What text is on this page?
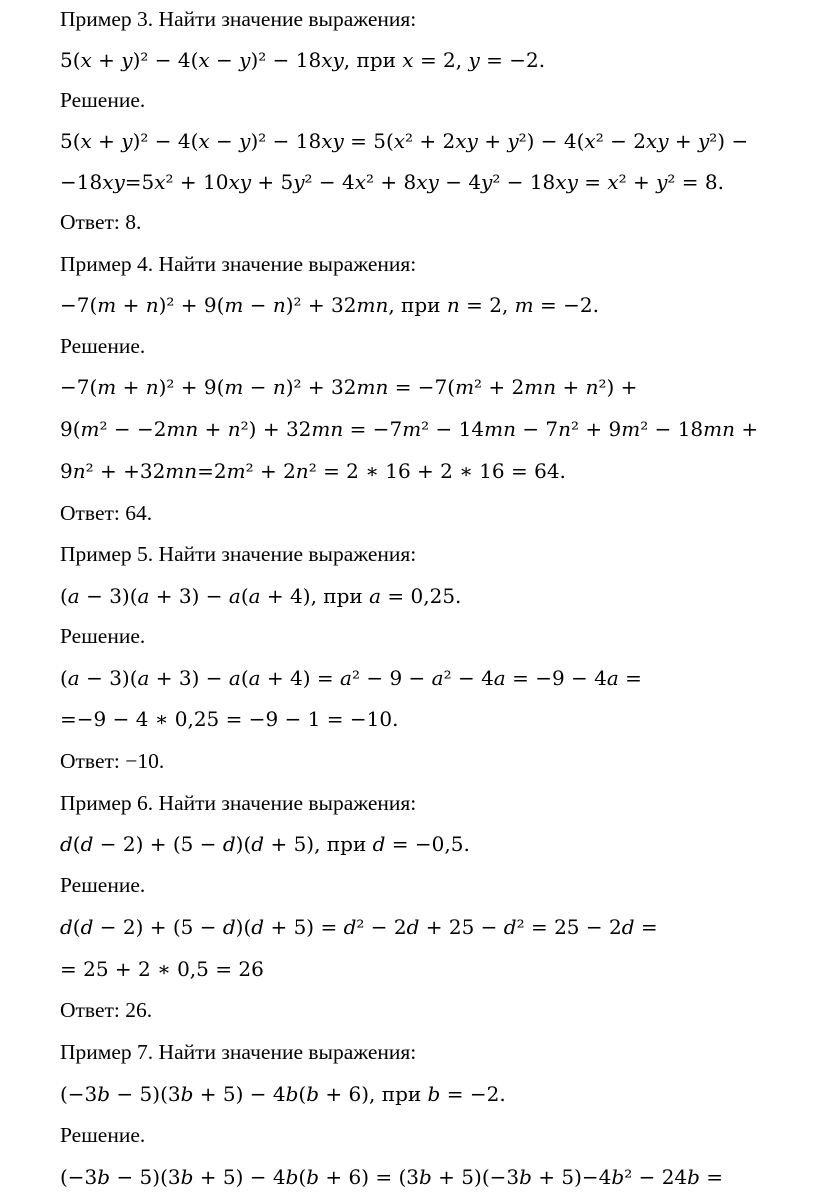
Пример 3. Найти значение выражения:
5(𝑥 + 𝑦)² − 4(𝑥 − 𝑦)² − 18𝑥𝑦, при 𝑥 = 2, 𝑦 = −2.
Решение.
5(𝑥 + 𝑦)² − 4(𝑥 − 𝑦)² − 18𝑥𝑦 = 5(𝑥² + 2𝑥𝑦 + 𝑦²) − 4(𝑥² − 2𝑥𝑦 + 𝑦²) −
−18𝑥𝑦=5𝑥² + 10𝑥𝑦 + 5𝑦² − 4𝑥² + 8𝑥𝑦 − 4𝑦² − 18𝑥𝑦 = 𝑥² + 𝑦² = 8.
Ответ: 8.
Пример 4. Найти значение выражения:
−7(𝑚 + 𝑛)² + 9(𝑚 − 𝑛)² + 32𝑚𝑛, при 𝑛 = 2, 𝑚 = −2.
Решение.
−7(𝑚 + 𝑛)² + 9(𝑚 − 𝑛)² + 32𝑚𝑛 = −7(𝑚² + 2𝑚𝑛 + 𝑛²) +
9(𝑚² − −2𝑚𝑛 + 𝑛²) + 32𝑚𝑛 = −7𝑚² − 14𝑚𝑛 − 7𝑛² + 9𝑚² − 18𝑚𝑛 +
9𝑛² + +32𝑚𝑛=2𝑚² + 2𝑛² = 2 ∗ 16 + 2 ∗ 16 = 64.
Ответ: 64.
Пример 5. Найти значение выражения:
(𝑎 − 3)(𝑎 + 3) − 𝑎(𝑎 + 4), при 𝑎 = 0,25.
Решение.
(𝑎 − 3)(𝑎 + 3) − 𝑎(𝑎 + 4) = 𝑎² − 9 − 𝑎² − 4𝑎 = −9 − 4𝑎 =
=−9 − 4 ∗ 0,25 = −9 − 1 = −10.
Ответ: −10.
Пример 6. Найти значение выражения:
𝑑(𝑑 − 2) + (5 − 𝑑)(𝑑 + 5), при 𝑑 = −0,5.
Решение.
𝑑(𝑑 − 2) + (5 − 𝑑)(𝑑 + 5) = 𝑑² − 2𝑑 + 25 − 𝑑² = 25 − 2𝑑 =
= 25 + 2 ∗ 0,5 = 26
Ответ: 26.
Пример 7. Найти значение выражения:
(−3𝑏 − 5)(3𝑏 + 5) − 4𝑏(𝑏 + 6), при 𝑏 = −2.
Решение.
(−3𝑏 − 5)(3𝑏 + 5) − 4𝑏(𝑏 + 6) = (3𝑏 + 5)(−3𝑏 + 5)−4𝑏² − 24𝑏 =
